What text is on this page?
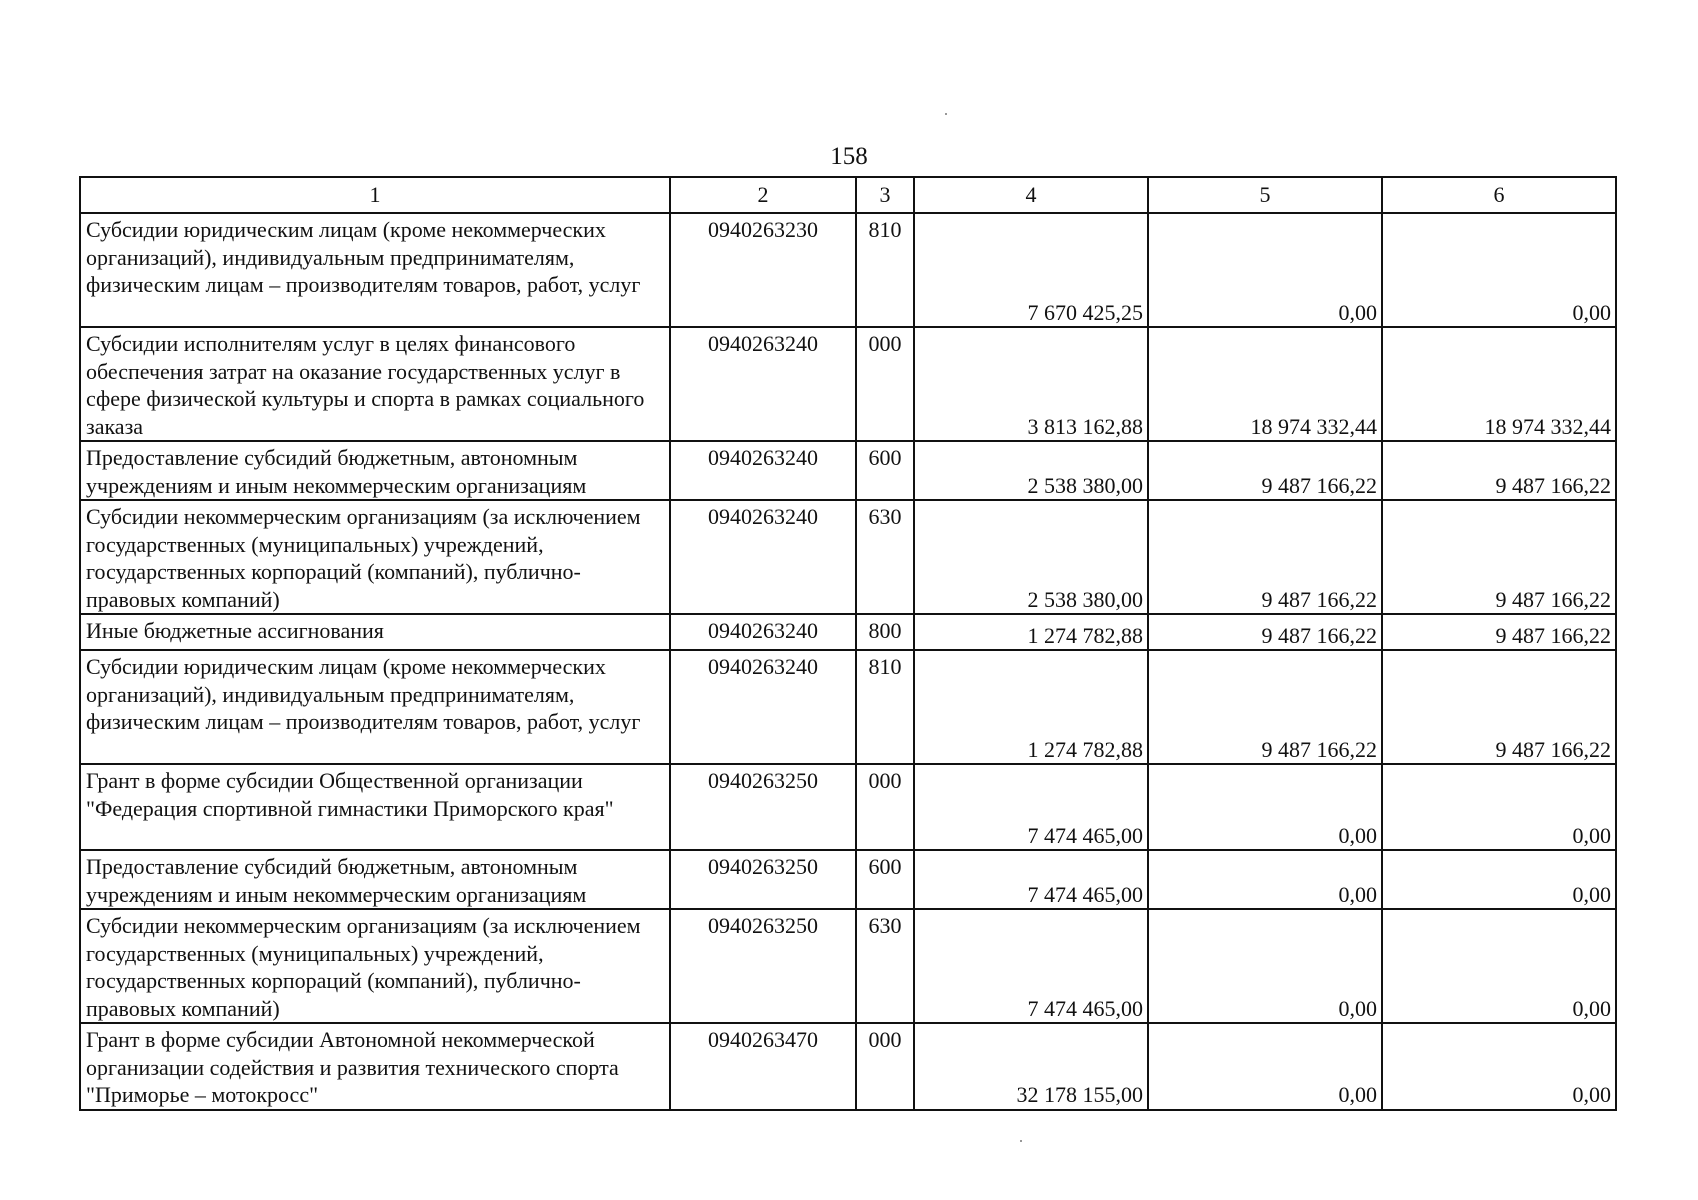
158
1	2	3	4	5	6
Субсидии юридическим лицам (кроме некоммерческих организаций), индивидуальным предпринимателям, физическим лицам – производителям товаров, работ, услуг	0940263230	810	7 670 425,25	0,00	0,00
Субсидии исполнителям услуг в целях финансового обеспечения затрат на оказание государственных услуг в сфере физической культуры и спорта в рамках социального заказа	0940263240	000	3 813 162,88	18 974 332,44	18 974 332,44
Предоставление субсидий бюджетным, автономным учреждениям и иным некоммерческим организациям	0940263240	600	2 538 380,00	9 487 166,22	9 487 166,22
Субсидии некоммерческим организациям (за исключением государственных (муниципальных) учреждений, государственных корпораций (компаний), публично-правовых компаний)	0940263240	630	2 538 380,00	9 487 166,22	9 487 166,22
Иные бюджетные ассигнования	0940263240	800	1 274 782,88	9 487 166,22	9 487 166,22
Субсидии юридическим лицам (кроме некоммерческих организаций), индивидуальным предпринимателям, физическим лицам – производителям товаров, работ, услуг	0940263240	810	1 274 782,88	9 487 166,22	9 487 166,22
Грант в форме субсидии Общественной организации "Федерация спортивной гимнастики Приморского края"	0940263250	000	7 474 465,00	0,00	0,00
Предоставление субсидий бюджетным, автономным учреждениям и иным некоммерческим организациям	0940263250	600	7 474 465,00	0,00	0,00
Субсидии некоммерческим организациям (за исключением государственных (муниципальных) учреждений, государственных корпораций (компаний), публично-правовых компаний)	0940263250	630	7 474 465,00	0,00	0,00
Грант в форме субсидии Автономной некоммерческой организации содействия и развития технического спорта "Приморье – мотокросс"	0940263470	000	32 178 155,00	0,00	0,00
